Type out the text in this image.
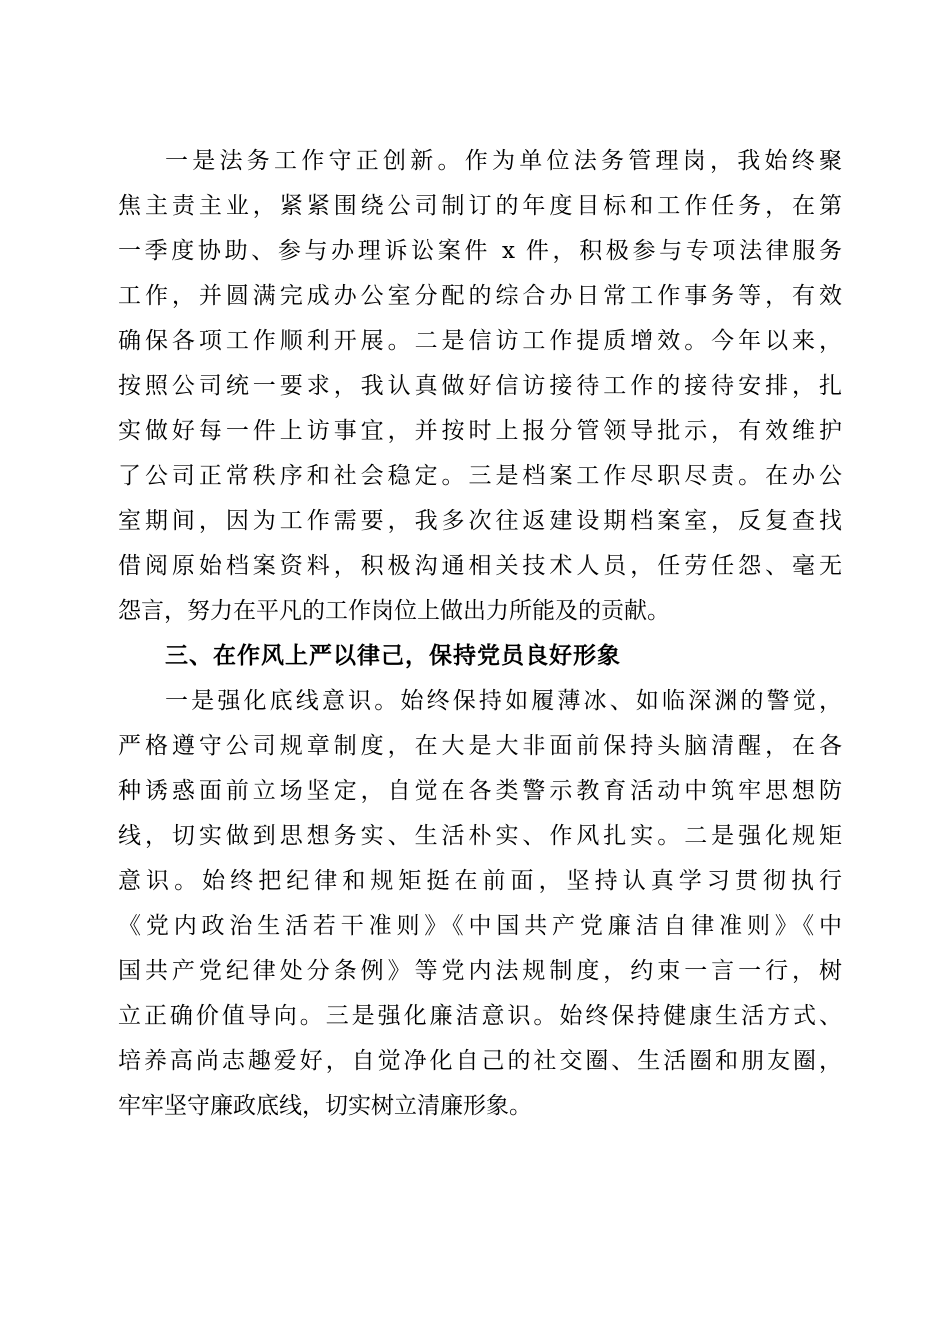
一是法务工作守正创新。作为单位法务管理岗，我始终聚
焦主责主业，紧紧围绕公司制订的年度目标和工作任务，在第
一季度协助、参与办理诉讼案件 x 件，积极参与专项法律服务
工作，并圆满完成办公室分配的综合办日常工作事务等，有效
确保各项工作顺利开展。二是信访工作提质增效。今年以来，
按照公司统一要求，我认真做好信访接待工作的接待安排，扎
实做好每一件上访事宜，并按时上报分管领导批示，有效维护
了公司正常秩序和社会稳定。三是档案工作尽职尽责。在办公
室期间，因为工作需要，我多次往返建设期档案室，反复查找
借阅原始档案资料，积极沟通相关技术人员，任劳任怨、毫无
怨言，努力在平凡的工作岗位上做出力所能及的贡献。
三、在作风上严以律己，保持党员良好形象
一是强化底线意识。始终保持如履薄冰、如临深渊的警觉，
严格遵守公司规章制度，在大是大非面前保持头脑清醒，在各
种诱惑面前立场坚定，自觉在各类警示教育活动中筑牢思想防
线，切实做到思想务实、生活朴实、作风扎实。二是强化规矩
意识。始终把纪律和规矩挺在前面，坚持认真学习贯彻执行
《党内政治生活若干准则》《中国共产党廉洁自律准则》《中
国共产党纪律处分条例》等党内法规制度，约束一言一行，树
立正确价值导向。三是强化廉洁意识。始终保持健康生活方式、
培养高尚志趣爱好，自觉净化自己的社交圈、生活圈和朋友圈，
牢牢坚守廉政底线，切实树立清廉形象。
